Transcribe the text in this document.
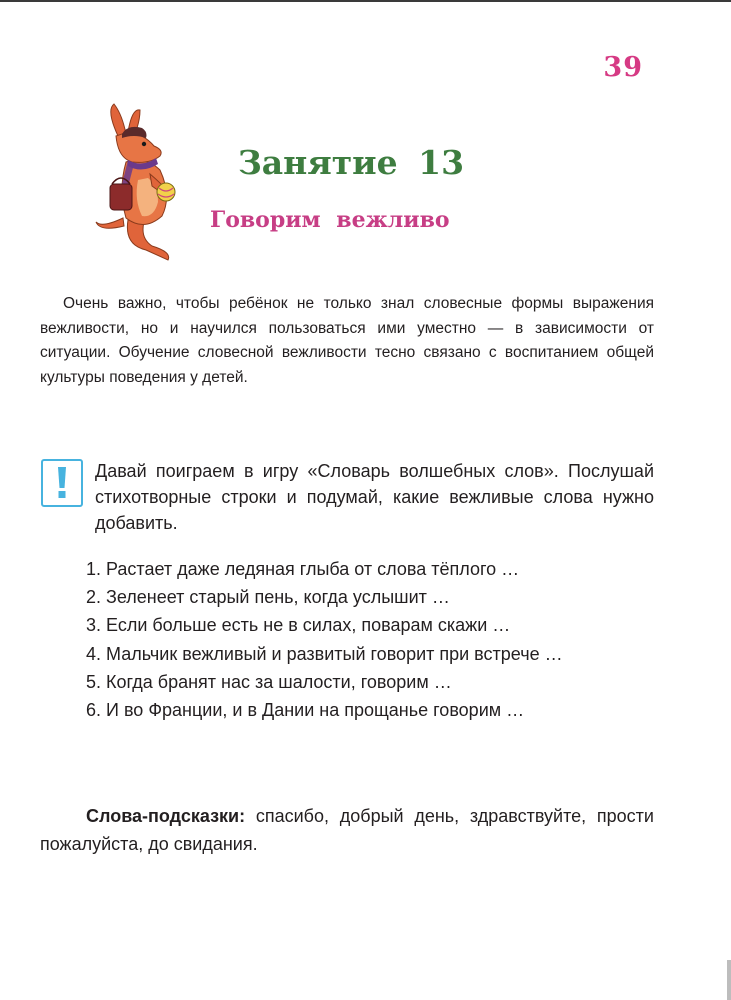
39
Занятие 13
Говорим вежливо
Очень важно, чтобы ребёнок не только знал словесные формы выражения вежливости, но и научился пользоваться ими уместно — в зависимости от ситуации. Обучение словесной вежливости тесно связано с воспитанием общей культуры поведения у детей.
Давай поиграем в игру «Словарь волшебных слов». Послушай стихотворные строки и подумай, какие вежливые слова нужно добавить.
1. Растает даже ледяная глыба от слова тёплого …
2. Зеленеет старый пень, когда услышит …
3. Если больше есть не в силах, поварам скажи …
4. Мальчик вежливый и развитый говорит при встрече …
5. Когда бранят нас за шалости, говорим …
6. И во Франции, и в Дании на прощанье говорим …
Слова-подсказки: спасибо, добрый день, здравствуйте, прости пожалуйста, до свидания.
